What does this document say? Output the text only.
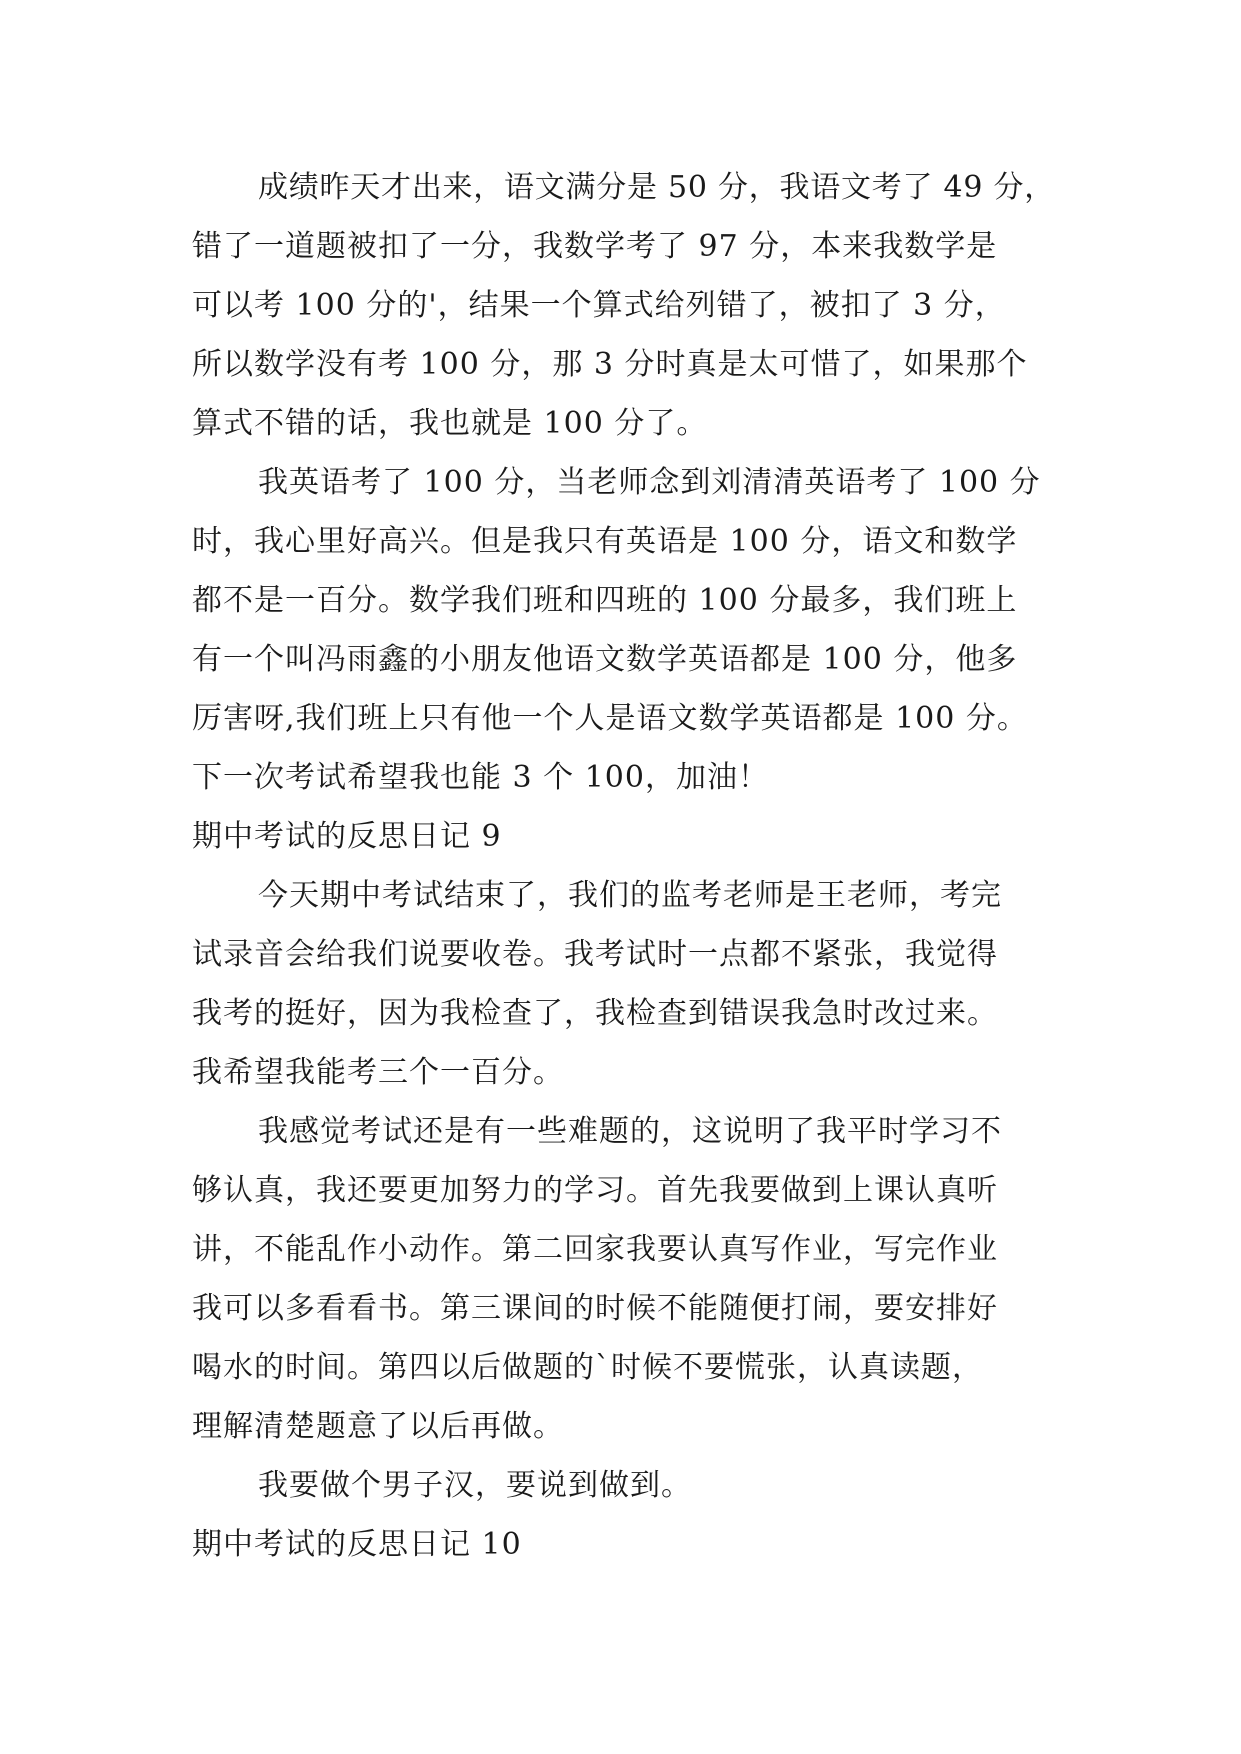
成绩昨天才出来，语文满分是 50 分，我语文考了 49 分，
错了一道题被扣了一分，我数学考了 97 分，本来我数学是
可以考 100 分的'，结果一个算式给列错了，被扣了 3 分，
所以数学没有考 100 分，那 3 分时真是太可惜了，如果那个
算式不错的话，我也就是 100 分了。
我英语考了 100 分，当老师念到刘清清英语考了 100 分
时，我心里好高兴。但是我只有英语是 100 分，语文和数学
都不是一百分。数学我们班和四班的 100 分最多，我们班上
有一个叫冯雨鑫的小朋友他语文数学英语都是 100 分，他多
厉害呀,我们班上只有他一个人是语文数学英语都是 100 分。
下一次考试希望我也能 3 个 100，加油！
期中考试的反思日记 9
今天期中考试结束了，我们的监考老师是王老师，考完
试录音会给我们说要收卷。我考试时一点都不紧张，我觉得
我考的挺好，因为我检查了，我检查到错误我急时改过来。
我希望我能考三个一百分。
我感觉考试还是有一些难题的，这说明了我平时学习不
够认真，我还要更加努力的学习。首先我要做到上课认真听
讲，不能乱作小动作。第二回家我要认真写作业，写完作业
我可以多看看书。第三课间的时候不能随便打闹，要安排好
喝水的时间。第四以后做题的`时候不要慌张，认真读题，
理解清楚题意了以后再做。
我要做个男子汉，要说到做到。
期中考试的反思日记 10
